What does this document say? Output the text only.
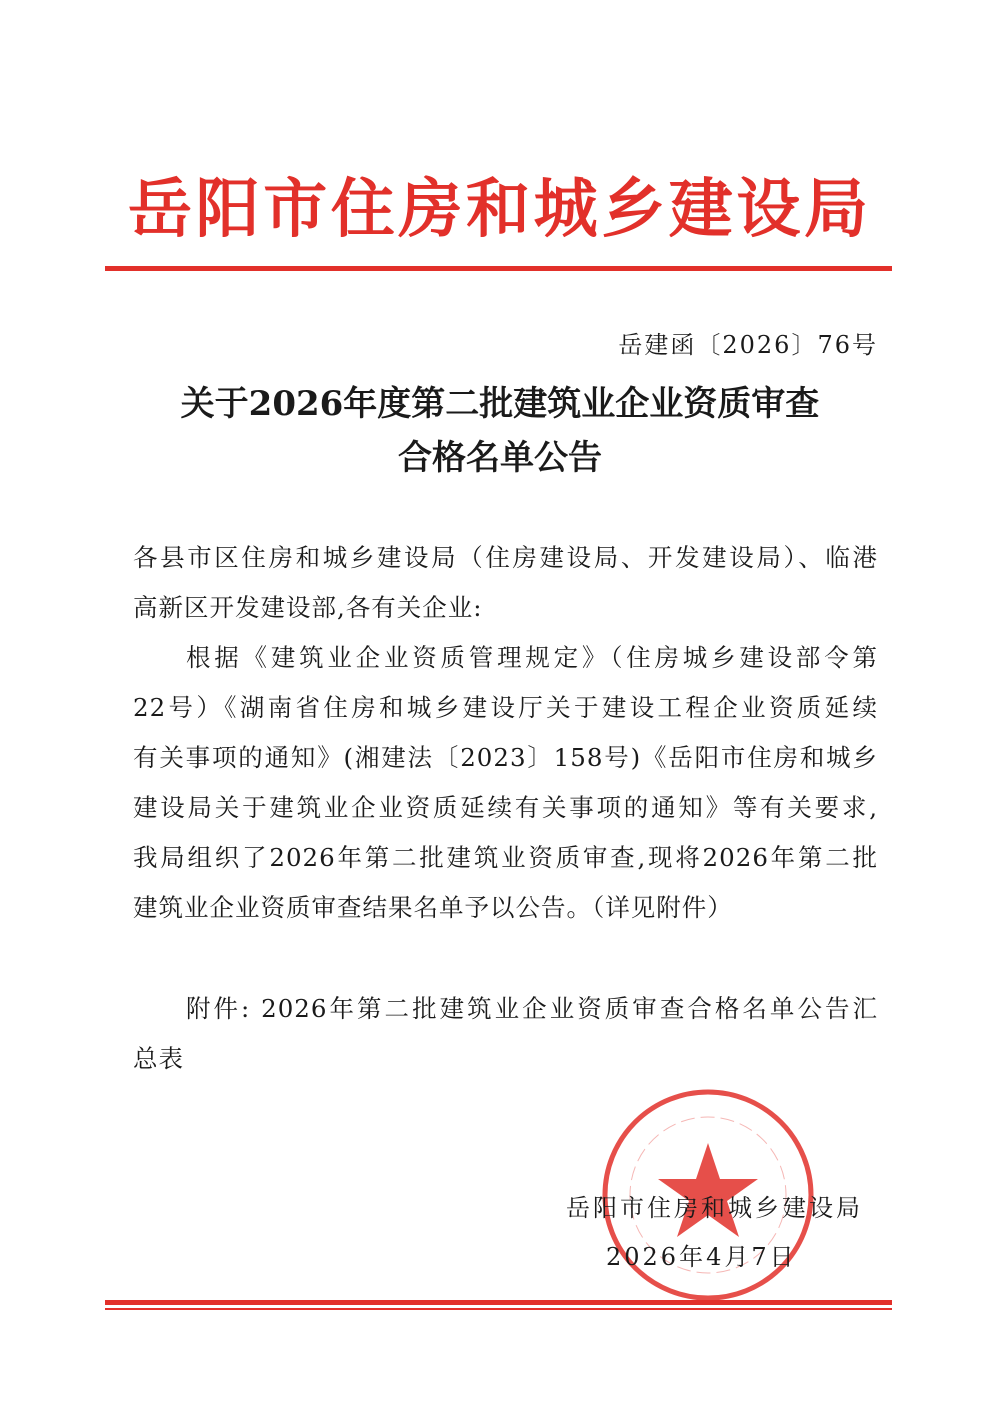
岳阳市住房和城乡建设局
岳建函〔2026〕76号
关于2026年度第二批建筑业企业资质审查
合格名单公告
各县市区住房和城乡建设局（住房建设局、开发建设局）、临港
高新区开发建设部,各有关企业:
根据《建筑业企业资质管理规定》（住房城乡建设部令第
22号）《湖南省住房和城乡建设厅关于建设工程企业资质延续
有关事项的通知》(湘建法〔2023〕158号)《岳阳市住房和城乡
建设局关于建筑业企业资质延续有关事项的通知》等有关要求,
我局组织了2026年第二批建筑业资质审查,现将2026年第二批
建筑业企业资质审查结果名单予以公告。（详见附件）
附件: 2026年第二批建筑业企业资质审查合格名单公告汇
总表
岳阳市住房和城乡建设局
2026年4月7日
